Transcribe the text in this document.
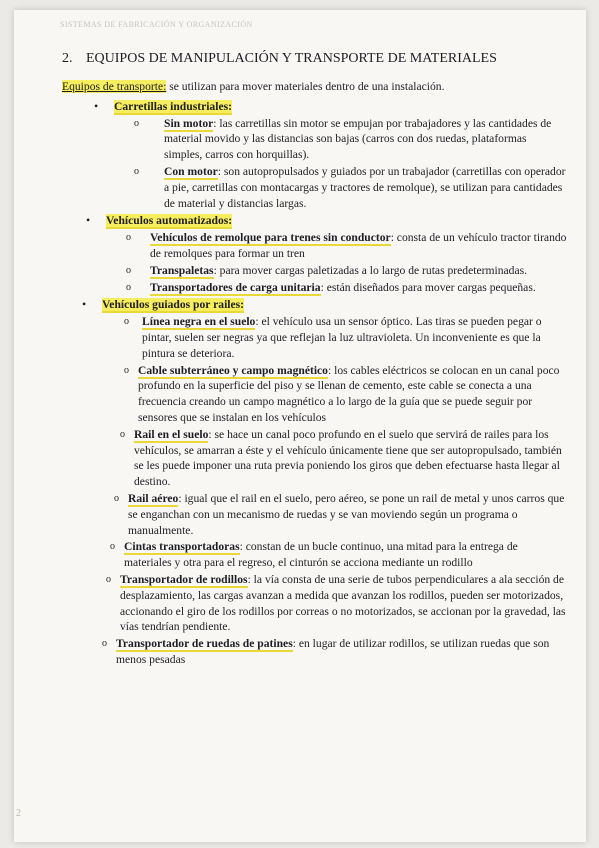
SISTEMAS DE FABRICACIÓN Y ORGANIZACIÓN
2. EQUIPOS DE MANIPULACIÓN Y TRANSPORTE DE MATERIALES

Equipos de transporte: se utilizan para mover materiales dentro de una instalación.

• Carretillas industriales:
o Sin motor: las carretillas sin motor se empujan por trabajadores y las cantidades de material movido y las distancias son bajas (carros con dos ruedas, plataformas simples, carros con horquillas).
o Con motor: son autopropulsados y guiados por un trabajador (carretillas con operador a pie, carretillas con montacargas y tractores de remolque), se utilizan para cantidades de material y distancias largas.
• Vehículos automatizados:
o Vehículos de remolque para trenes sin conductor: consta de un vehículo tractor tirando de remolques para formar un tren
o Transpaletas: para mover cargas paletizadas a lo largo de rutas predeterminadas.
o Transportadores de carga unitaria: están diseñados para mover cargas pequeñas.
• Vehículos guiados por railes:
o Línea negra en el suelo: el vehículo usa un sensor óptico. Las tiras se pueden pegar o pintar, suelen ser negras ya que reflejan la luz ultravioleta. Un inconveniente es que la pintura se deteriora.
o Cable subterráneo y campo magnético: los cables eléctricos se colocan en un canal poco profundo en la superficie del piso y se llenan de cemento, este cable se conecta a una frecuencia creando un campo magnético a lo largo de la guía que se puede seguir por sensores que se instalan en los vehículos
o Rail en el suelo: se hace un canal poco profundo en el suelo que servirá de railes para los vehículos, se amarran a éste y el vehículo únicamente tiene que ser autopropulsado, también se les puede imponer una ruta previa poniendo los giros que deben efectuarse hasta llegar al destino.
o Rail aéreo: igual que el rail en el suelo, pero aéreo, se pone un rail de metal y unos carros que se enganchan con un mecanismo de ruedas y se van moviendo según un programa o manualmente.
o Cintas transportadoras: constan de un bucle continuo, una mitad para la entrega de materiales y otra para el regreso, el cinturón se acciona mediante un rodillo
o Transportador de rodillos: la vía consta de una serie de tubos perpendiculares a ala sección de desplazamiento, las cargas avanzan a medida que avanzan los rodillos, pueden ser motorizados, accionando el giro de los rodillos por correas o no motorizados, se accionan por la gravedad, las vías tendrían pendiente.
o Transportador de ruedas de patines: en lugar de utilizar rodillos, se utilizan ruedas que son menos pesadas
2
